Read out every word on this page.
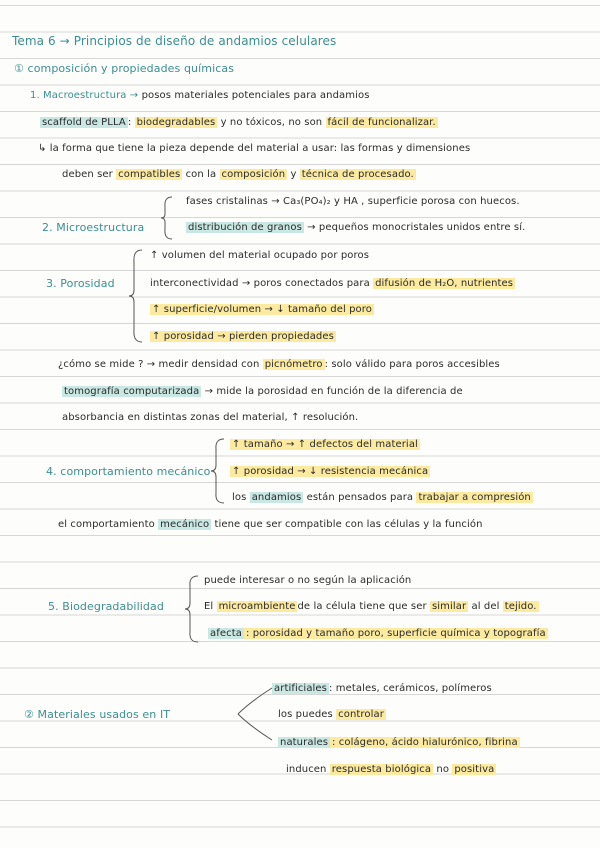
Tema 6 → Principios de diseño de andamios celulares
① composición y propiedades químicas
1. Macroestructura → posos materiales potenciales para andamios
scaffold de PLLA : biodegradables y no tóxicos, no son fácil de funcionalizar.
↳ la forma que tiene la pieza depende del material a usar: las formas y dimensiones
deben ser compatibles con la composición y técnica de procesado.
2. Microestructura
fases cristalinas → Ca₃(PO₄)₂ y HA , superficie porosa con huecos.
distribución de granos → pequeños monocristales unidos entre sí.
3. Porosidad
↑ volumen del material ocupado por poros
interconectividad → poros conectados para difusión de H₂O, nutrientes
↑ superficie/volumen → ↓ tamaño del poro
↑ porosidad → pierden propiedades
¿cómo se mide ? → medir densidad con picnómetro : solo válido para poros accesibles
tomografía computarizada → mide la porosidad en función de la diferencia de
absorbancia en distintas zonas del material, ↑ resolución.
4. comportamiento mecánico
↑ tamaño → ↑ defectos del material
↑ porosidad → ↓ resistencia mecánica
los andamios están pensados para trabajar a compresión
el comportamiento mecánico tiene que ser compatible con las células y la función
5. Biodegradabilidad
puede interesar o no según la aplicación
El microambiente de la célula tiene que ser similar al del tejido.
afecta : porosidad y tamaño poro, superficie química y topografía
② Materiales usados en IT
artificiales : metales, cerámicos, polímeros
los puedes controlar
naturales : colágeno, ácido hialurónico, fibrina
inducen respuesta biológica no positiva
